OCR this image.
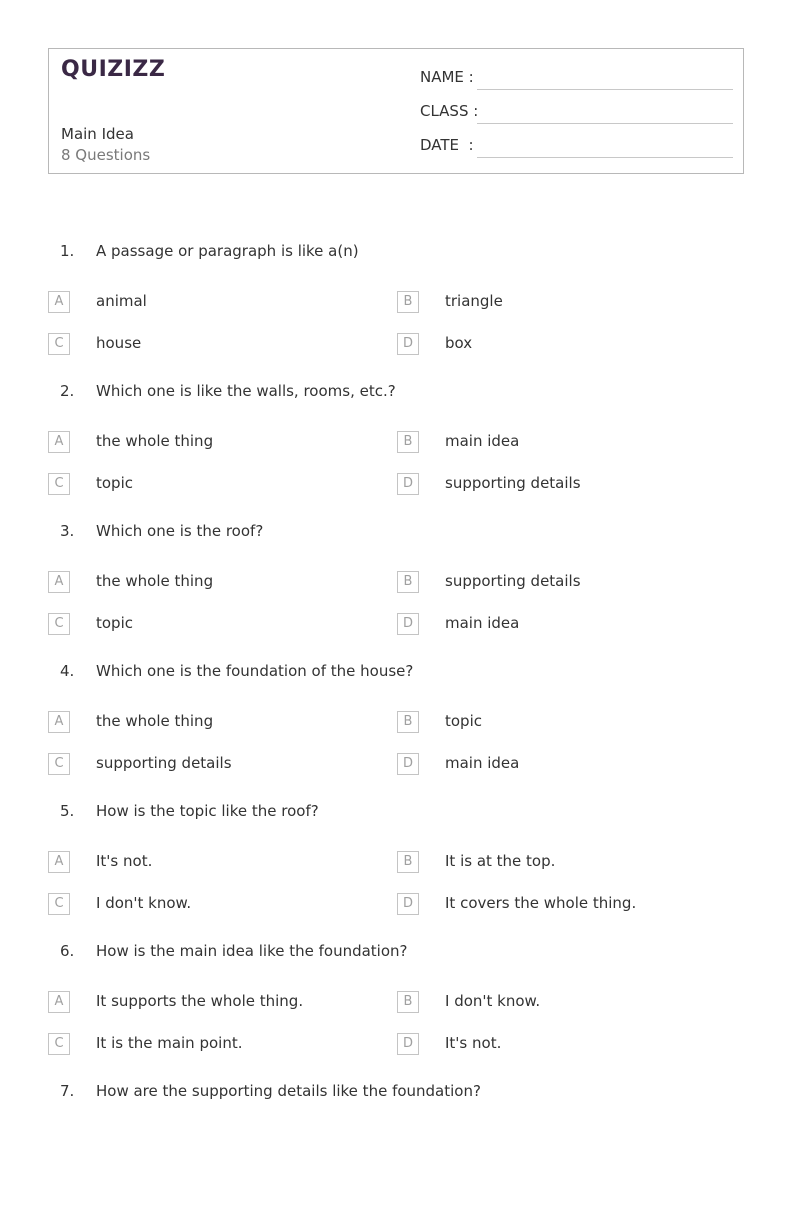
QUIZIZZ
Main Idea
8 Questions
NAME :
CLASS :
DATE  :
1. A passage or paragraph is like a(n)
A	animal	B	triangle
C	house	D	box
2. Which one is like the walls, rooms, etc.?
A	the whole thing	B	main idea
C	topic	D	supporting details
3. Which one is the roof?
A	the whole thing	B	supporting details
C	topic	D	main idea
4. Which one is the foundation of the house?
A	the whole thing	B	topic
C	supporting details	D	main idea
5. How is the topic like the roof?
A	It's not.	B	It is at the top.
C	I don't know.	D	It covers the whole thing.
6. How is the main idea like the foundation?
A	It supports the whole thing.	B	I don't know.
C	It is the main point.	D	It's not.
7. How are the supporting details like the foundation?
